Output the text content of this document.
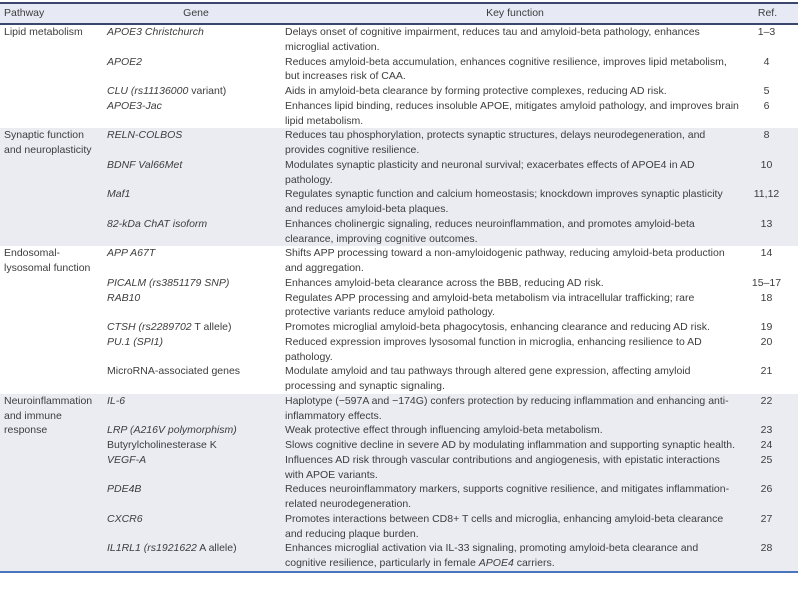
Pathway	Gene	Key function	Ref.

Lipid metabolism	APOE3 Christchurch	Delays onset of cognitive impairment, reduces tau and amyloid-beta pathology, enhances microglial activation.	1–3
	APOE2	Reduces amyloid-beta accumulation, enhances cognitive resilience, improves lipid metabolism, but increases risk of CAA.	4
	CLU (rs11136000 variant)	Aids in amyloid-beta clearance by forming protective complexes, reducing AD risk.	5
	APOE3-Jac	Enhances lipid binding, reduces insoluble APOE, mitigates amyloid pathology, and improves brain lipid metabolism.	6

Synaptic function
and neuroplasticity	RELN-COLBOS	Reduces tau phosphorylation, protects synaptic structures, delays neurodegeneration, and provides cognitive resilience.	8
	BDNF Val66Met	Modulates synaptic plasticity and neuronal survival; exacerbates effects of APOE4 in AD pathology.	10
	Maf1	Regulates synaptic function and calcium homeostasis; knockdown improves synaptic plasticity and reduces amyloid-beta plaques.	11,12
	82-kDa ChAT isoform	Enhances cholinergic signaling, reduces neuroinflammation, and promotes amyloid-beta clearance, improving cognitive outcomes.	13

Endosomal-
lysosomal function	APP A67T	Shifts APP processing toward a non-amyloidogenic pathway, reducing amyloid-beta production and aggregation.	14
	PICALM (rs3851179 SNP)	Enhances amyloid-beta clearance across the BBB, reducing AD risk.	15–17
	RAB10	Regulates APP processing and amyloid-beta metabolism via intracellular trafficking; rare protective variants reduce amyloid pathology.	18
	CTSH (rs2289702 T allele)	Promotes microglial amyloid-beta phagocytosis, enhancing clearance and reducing AD risk.	19
	PU.1 (SPI1)	Reduced expression improves lysosomal function in microglia, enhancing resilience to AD pathology.	20
	MicroRNA-associated genes	Modulate amyloid and tau pathways through altered gene expression, affecting amyloid processing and synaptic signaling.	21

Neuroinflammation
and immune
response	IL-6	Haplotype (−597A and −174G) confers protection by reducing inflammation and enhancing anti-inflammatory effects.	22
	LRP (A216V polymorphism)	Weak protective effect through influencing amyloid-beta metabolism.	23
	Butyrylcholinesterase K	Slows cognitive decline in severe AD by modulating inflammation and supporting synaptic health.	24
	VEGF-A	Influences AD risk through vascular contributions and angiogenesis, with epistatic interactions with APOE variants.	25
	PDE4B	Reduces neuroinflammatory markers, supports cognitive resilience, and mitigates inflammation-related neurodegeneration.	26
	CXCR6	Promotes interactions between CD8+ T cells and microglia, enhancing amyloid-beta clearance and reducing plaque burden.	27
	IL1RL1 (rs1921622 A allele)	Enhances microglial activation via IL-33 signaling, promoting amyloid-beta clearance and cognitive resilience, particularly in female APOE4 carriers.	28
